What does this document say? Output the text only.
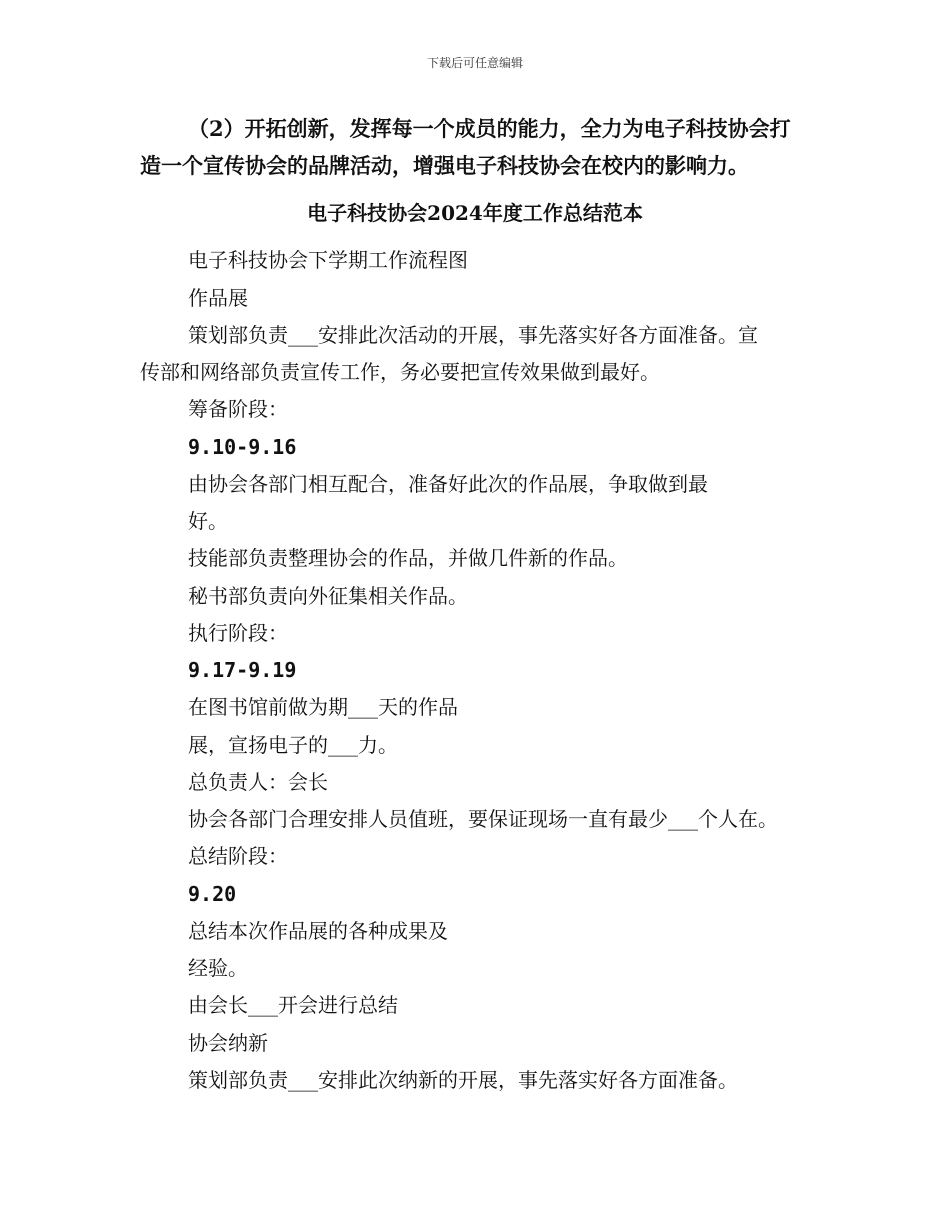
下载后可任意编辑
（2）开拓创新，发挥每一个成员的能力，全力为电子科技协会打
造一个宣传协会的品牌活动，增强电子科技协会在校内的影响力。
电子科技协会2024年度工作总结范本
电子科技协会下学期工作流程图
作品展
策划部负责___安排此次活动的开展，事先落实好各方面准备。宣
传部和网络部负责宣传工作，务必要把宣传效果做到最好。
筹备阶段：
9.10-9.16
由协会各部门相互配合，准备好此次的作品展，争取做到最
好。
技能部负责整理协会的作品，并做几件新的作品。
秘书部负责向外征集相关作品。
执行阶段：
9.17-9.19
在图书馆前做为期___天的作品
展，宣扬电子的___力。
总负责人：会长
协会各部门合理安排人员值班，要保证现场一直有最少___个人在。
总结阶段：
9.20
总结本次作品展的各种成果及
经验。
由会长___开会进行总结
协会纳新
策划部负责___安排此次纳新的开展，事先落实好各方面准备。
